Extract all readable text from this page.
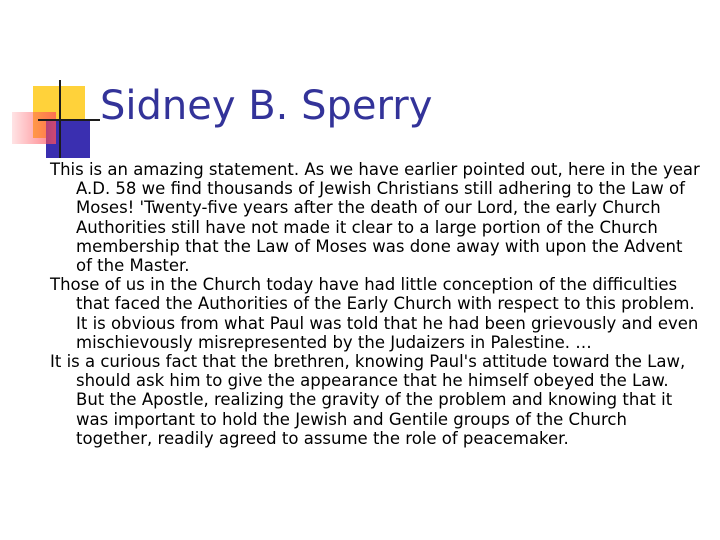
Sidney B. Sperry

This is an amazing statement. As we have earlier pointed out, here in the year A.D. 58 we find thousands of Jewish Christians still adhering to the Law of Moses! 'Twenty-five years after the death of our Lord, the early Church Authorities still have not made it clear to a large portion of the Church membership that the Law of Moses was done away with upon the Advent of the Master.

Those of us in the Church today have had little conception of the difficulties that faced the Authorities of the Early Church with respect to this problem. It is obvious from what Paul was told that he had been grievously and even mischievously misrepresented by the Judaizers in Palestine. …

It is a curious fact that the brethren, knowing Paul's attitude toward the Law, should ask him to give the appearance that he himself obeyed the Law. But the Apostle, realizing the gravity of the problem and knowing that it was important to hold the Jewish and Gentile groups of the Church together, readily agreed to assume the role of peacemaker.
